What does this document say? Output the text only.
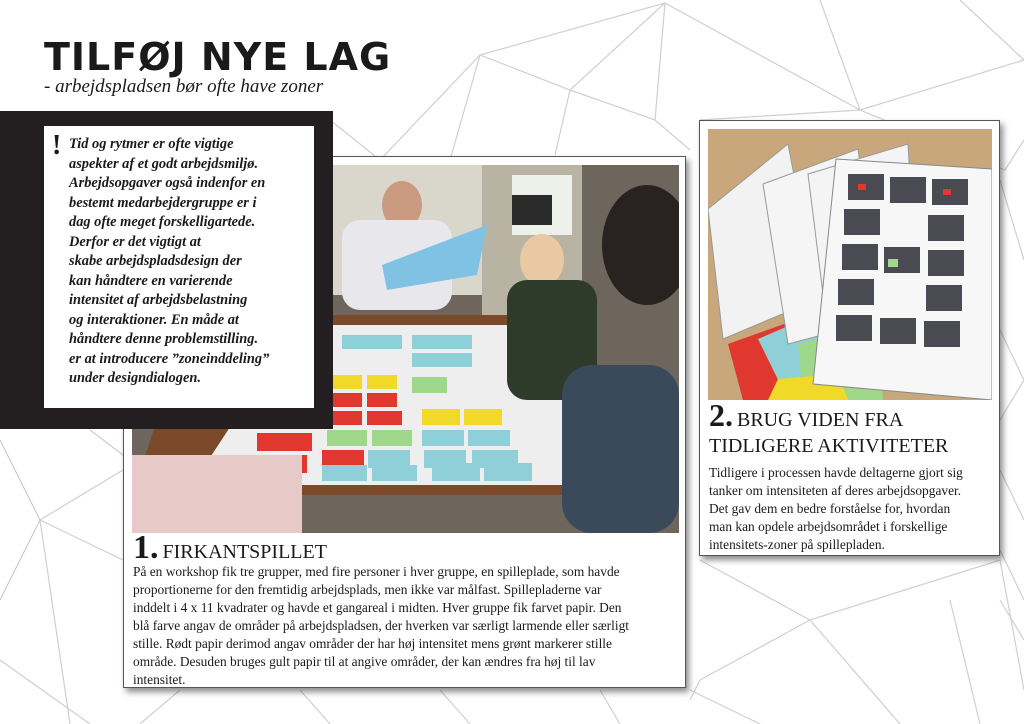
TILFØJ NYE LAG
- arbejdspladsen bør ofte have zoner
1. FIRKANTSPILLET
På en workshop fik tre grupper, med fire personer i hver gruppe, en spilleplade, som havde
proportionerne for den fremtidig arbejdsplads, men ikke var målfast. Spillepladerne var
inddelt i 4 x 11 kvadrater og havde et gangareal i midten. Hver gruppe fik farvet papir. Den
blå farve angav de områder på arbejdspladsen, der hverken var særligt larmende eller særligt
stille. Rødt papir derimod angav områder der har høj intensitet mens grønt markerer stille
område. Desuden bruges gult papir til at angive områder, der kan ændres fra høj til lav
intensitet.
2. BRUG VIDEN FRA TIDLIGERE AKTIVITETER
Tidligere i processen havde deltagerne gjort sig
tanker om intensiteten af deres arbejdsopgaver.
Det gav dem en bedre forståelse for, hvordan
man kan opdele arbejdsområdet i forskellige
intensitets-zoner på spillepladen.
! Tid og rytmer er ofte vigtige
aspekter af et godt arbejdsmiljø.
Arbejdsopgaver også indenfor en
bestemt medarbejdergruppe er i
dag ofte meget forskelligartede.
Derfor er det vigtigt at
skabe arbejdspladsdesign der
kan håndtere en varierende
intensitet af arbejdsbelastning
og interaktioner. En måde at
håndtere denne problemstilling.
er at introducere ”zoneinddeling”
under designdialogen.
